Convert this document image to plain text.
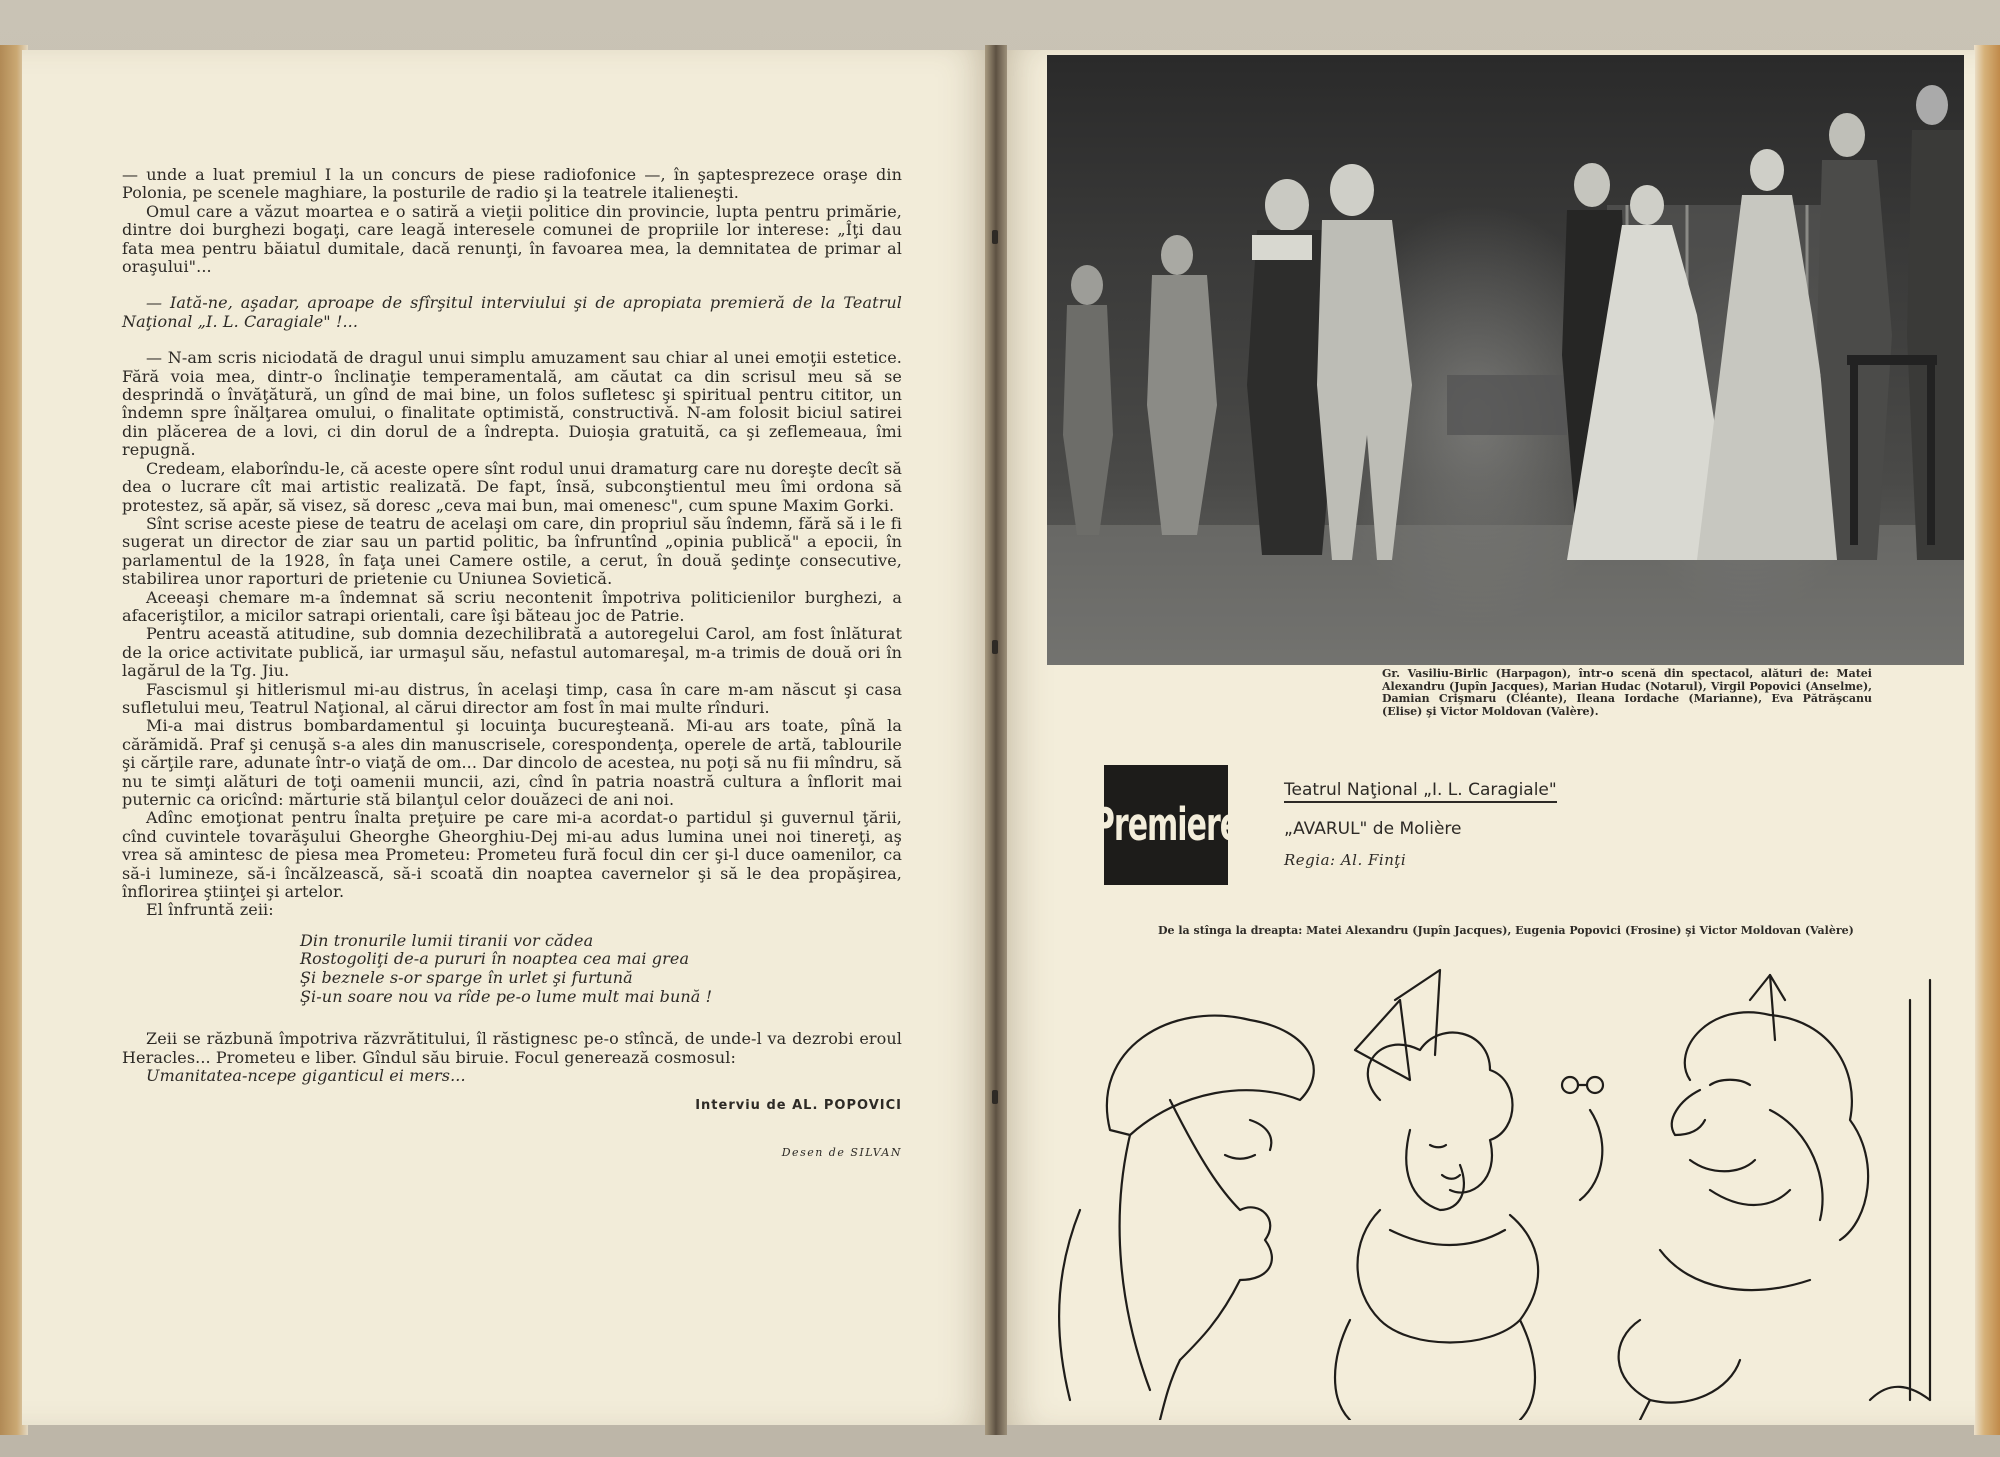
— unde a luat premiul I la un concurs de piese radiofonice —, în şaptesprezece oraşe din Polonia, pe scenele maghiare, la posturile de radio şi la teatrele italieneşti.

Omul care a văzut moartea e o satiră a vieţii politice din provincie, lupta pentru primărie, dintre doi burghezi bogaţi, care leagă interesele comunei de propriile lor interese: „Îţi dau fata mea pentru băiatul dumitale, dacă renunţi, în favoarea mea, la demnitatea de primar al oraşului"...

— Iată-ne, aşadar, aproape de sfîrşitul interviului şi de apropiata premieră de la Teatrul Naţional „I. L. Caragiale" !...

— N-am scris niciodată de dragul unui simplu amuzament sau chiar al unei emoţii estetice. Fără voia mea, dintr-o înclinaţie temperamentală, am căutat ca din scrisul meu să se desprindă o învăţătură, un gînd de mai bine, un folos sufletesc şi spiritual pentru cititor, un îndemn spre înălţarea omului, o finalitate optimistă, constructivă. N-am folosit biciul satirei din plăcerea de a lovi, ci din dorul de a îndrepta. Duioşia gratuită, ca şi zeflemeaua, îmi repugnă.

Credeam, elaborîndu-le, că aceste opere sînt rodul unui dramaturg care nu doreşte decît să dea o lucrare cît mai artistic realizată. De fapt, însă, subconştientul meu îmi ordona să protestez, să apăr, să visez, să doresc „ceva mai bun, mai omenesc", cum spune Maxim Gorki.

Sînt scrise aceste piese de teatru de acelaşi om care, din propriul său îndemn, fără să i le fi sugerat un director de ziar sau un partid politic, ba înfruntînd „opinia publică" a epocii, în parlamentul de la 1928, în faţa unei Camere ostile, a cerut, în două şedinţe consecutive, stabilirea unor raporturi de prietenie cu Uniunea Sovietică.

Aceeaşi chemare m-a îndemnat să scriu necontenit împotriva politicienilor burghezi, a afaceriştilor, a micilor satrapi orientali, care îşi băteau joc de Patrie.

Pentru această atitudine, sub domnia dezechilibrată a autoregelui Carol, am fost înlăturat de la orice activitate publică, iar urmaşul său, nefastul automareşal, m-a trimis de două ori în lagărul de la Tg. Jiu.

Fascismul şi hitlerismul mi-au distrus, în acelaşi timp, casa în care m-am născut şi casa sufletului meu, Teatrul Naţional, al cărui director am fost în mai multe rînduri.

Mi-a mai distrus bombardamentul şi locuinţa bucureşteană. Mi-au ars toate, pînă la cărămidă. Praf şi cenuşă s-a ales din manuscrisele, corespondenţa, operele de artă, tablourile şi cărţile rare, adunate într-o viaţă de om... Dar dincolo de acestea, nu poţi să nu fii mîndru, să nu te simţi alături de toţi oamenii muncii, azi, cînd în patria noastră cultura a înflorit mai puternic ca oricînd: mărturie stă bilanţul celor douăzeci de ani noi.

Adînc emoţionat pentru înalta preţuire pe care mi-a acordat-o partidul şi guvernul ţării, cînd cuvintele tovarăşului Gheorghe Gheorghiu-Dej mi-au adus lumina unei noi tinereţi, aş vrea să amintesc de piesa mea Prometeu: Prometeu fură focul din cer şi-l duce oamenilor, ca să-i lumineze, să-i încălzească, să-i scoată din noaptea cavernelor şi să le dea propăşirea, înflorirea ştiinţei şi artelor.

El înfruntă zeii:

Din tronurile lumii tiranii vor cădea
Rostogoliţi de-a pururi în noaptea cea mai grea
Şi beznele s-or sparge în urlet şi furtună
Şi-un soare nou va rîde pe-o lume mult mai bună !

Zeii se răzbună împotriva răzvrătitului, îl răstignesc pe-o stîncă, de unde-l va dezrobi eroul Heracles... Prometeu e liber. Gîndul său biruie. Focul generează cosmosul:

Umanitatea-ncepe giganticul ei mers...

Interviu de AL. POPOVICI
Desen de SILVAN
Gr. Vasiliu-Birlic (Harpagon), într-o scenă din spectacol, alături de: Matei Alexandru (Jupîn Jacques), Marian Hudac (Notarul), Virgil Popovici (Anselme), Damian Crişmaru (Cléante), Ileana Iordache (Marianne), Eva Pătrăşcanu (Elise) şi Victor Moldovan (Valère).
Premiere
Teatrul Naţional „I. L. Caragiale"
„AVARUL" de Molière
Regia: Al. Finţi
De la stînga la dreapta: Matei Alexandru (Jupîn Jacques), Eugenia Popovici (Frosine) şi Victor Moldovan (Valère)
